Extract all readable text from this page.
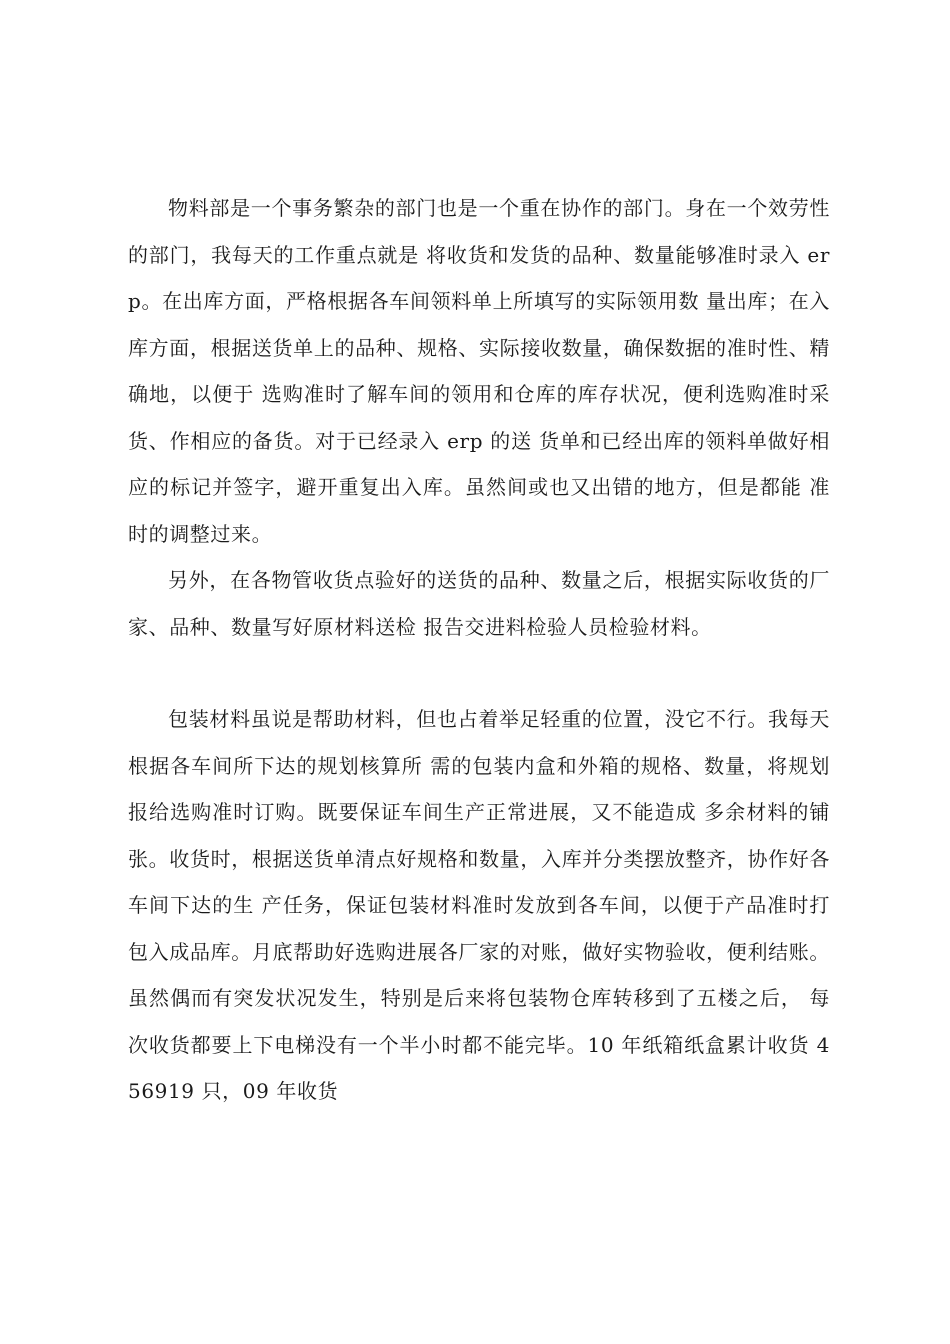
物料部是一个事务繁杂的部门也是一个重在协作的部门。身在一个效劳性的部门，我每天的工作重点就是 将收货和发货的品种、数量能够准时录入 erp。在出库方面，严格根据各车间领料单上所填写的实际领用数 量出库；在入库方面，根据送货单上的品种、规格、实际接收数量，确保数据的准时性、精确地，以便于 选购准时了解车间的领用和仓库的库存状况，便利选购准时采货、作相应的备货。对于已经录入 erp 的送 货单和已经出库的领料单做好相应的标记并签字，避开重复出入库。虽然间或也又出错的地方，但是都能 准时的调整过来。

另外，在各物管收货点验好的送货的品种、数量之后，根据实际收货的厂家、品种、数量写好原材料送检 报告交进料检验人员检验材料。

包装材料虽说是帮助材料，但也占着举足轻重的位置，没它不行。我每天根据各车间所下达的规划核算所 需的包装内盒和外箱的规格、数量，将规划报给选购准时订购。既要保证车间生产正常进展，又不能造成 多余材料的铺张。收货时，根据送货单清点好规格和数量，入库并分类摆放整齐，协作好各车间下达的生 产任务，保证包装材料准时发放到各车间，以便于产品准时打包入成品库。月底帮助好选购进展各厂家的对账，做好实物验收，便利结账。虽然偶而有突发状况发生，特别是后来将包装物仓库转移到了五楼之后， 每次收货都要上下电梯没有一个半小时都不能完毕。10 年纸箱纸盒累计收货 456919 只，09 年收货
